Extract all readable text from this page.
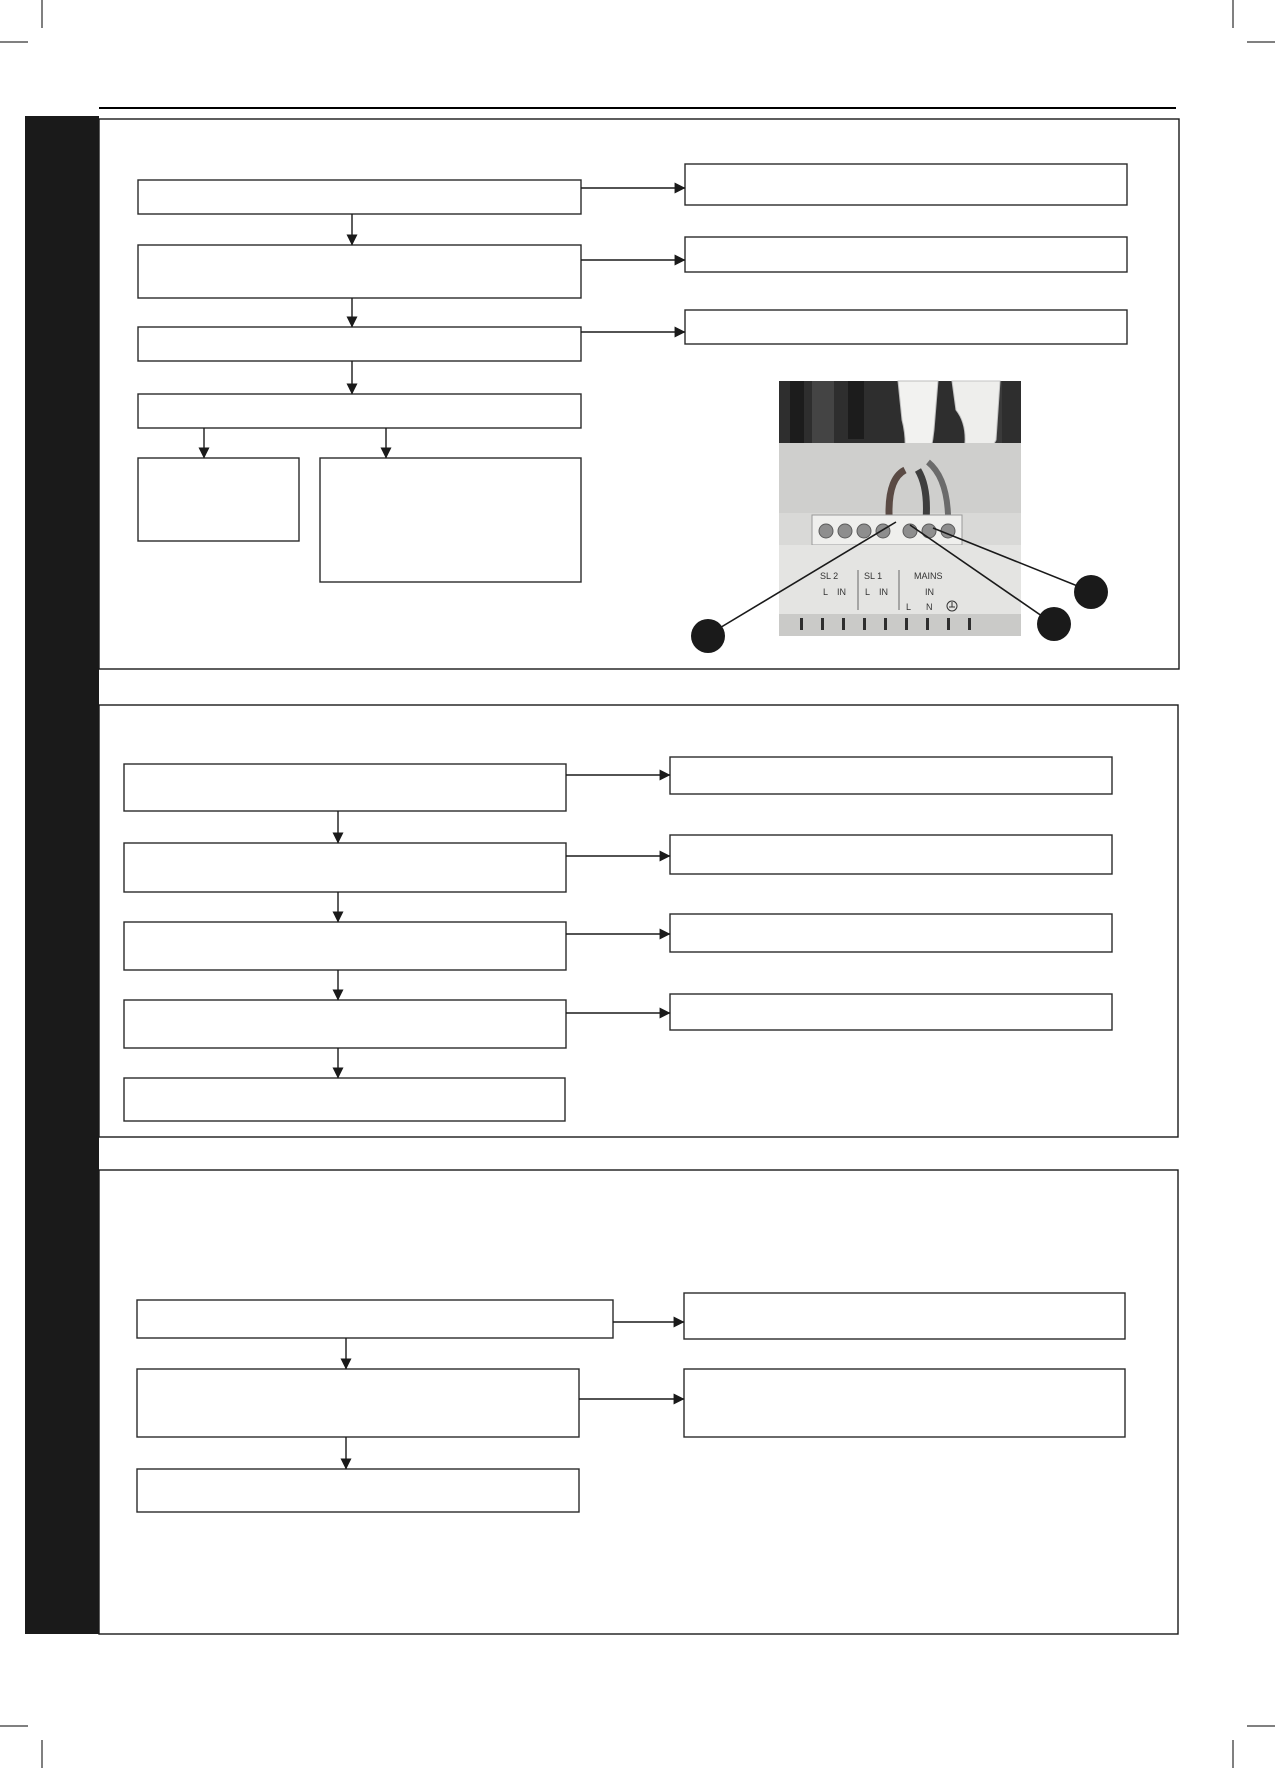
SL 2	SL 1	MAINS
L IN L IN	IN
L N
